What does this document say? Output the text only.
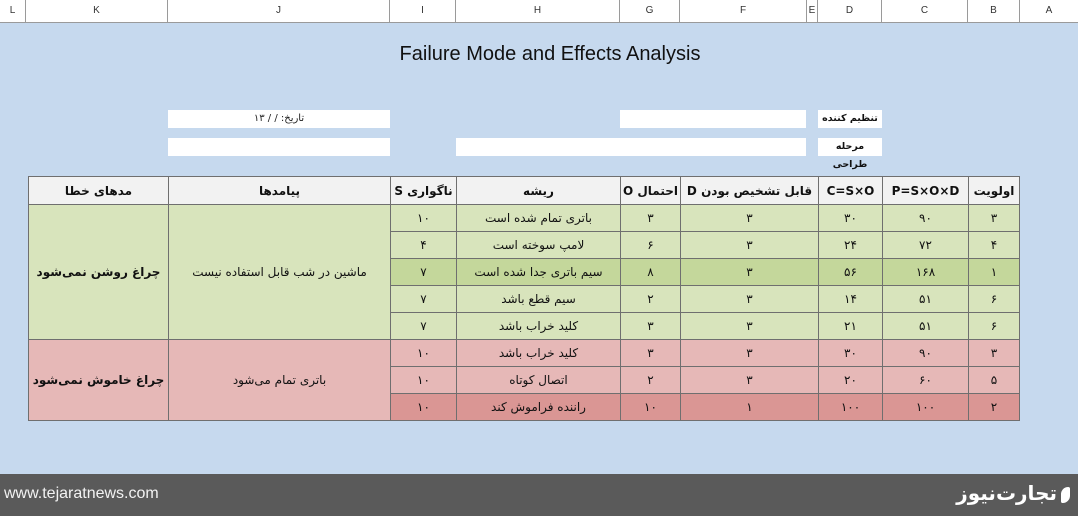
L	K	J	I	H	G	F	E	D	C	B	A
Failure Mode and Effects Analysis
تاریخ: / / ۱۳	تنظیم کننده
مرحله طراحی
مدهای خطا	پیامدها	ناگواری S	ریشه	احتمال O	قابل تشخیص بودن D	C=S×O	P=S×O×D	اولویت
چراغ روشن نمی‌شود	ماشین در شب قابل استفاده نیست	۱۰	باتری تمام شده است	۳	۳	۳۰	۹۰	۳
		۴	لامپ سوخته است	۶	۳	۲۴	۷۲	۴
		۷	سیم باتری جدا شده است	۸	۳	۵۶	۱۶۸	۱
		۷	سیم قطع باشد	۲	۳	۱۴	۵۱	۶
		۷	کلید خراب باشد	۳	۳	۲۱	۵۱	۶
چراغ خاموش نمی‌شود	باتری تمام می‌شود	۱۰	کلید خراب باشد	۳	۳	۳۰	۹۰	۳
		۱۰	اتصال کوتاه	۲	۳	۲۰	۶۰	۵
		۱۰	راننده فراموش کند	۱۰	۱	۱۰۰	۱۰۰	۲
www.tejaratnews.com	تجارت‌نیوز
